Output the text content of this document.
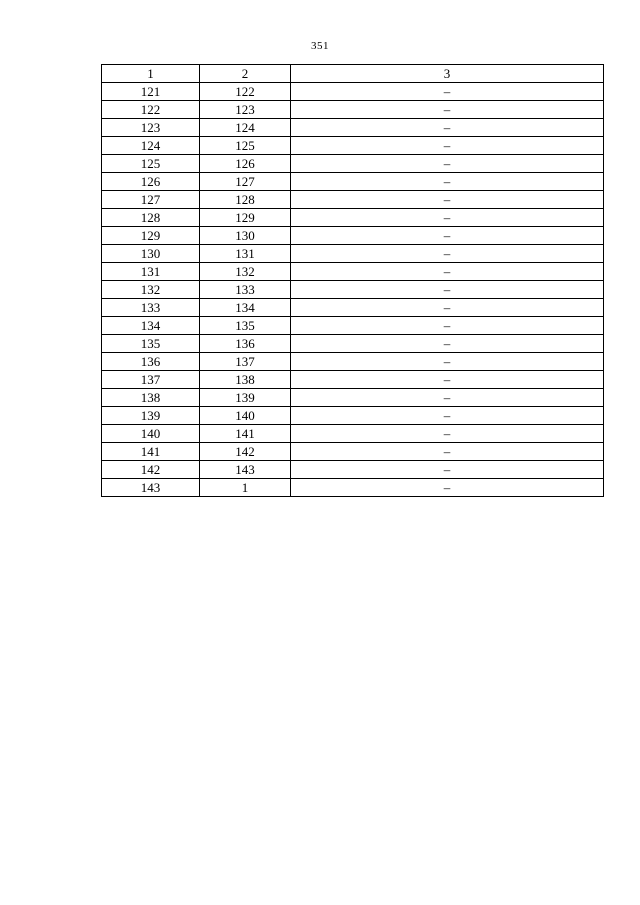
351
1	2	3
121	122	–
122	123	–
123	124	–
124	125	–
125	126	–
126	127	–
127	128	–
128	129	–
129	130	–
130	131	–
131	132	–
132	133	–
133	134	–
134	135	–
135	136	–
136	137	–
137	138	–
138	139	–
139	140	–
140	141	–
141	142	–
142	143	–
143	1	–
